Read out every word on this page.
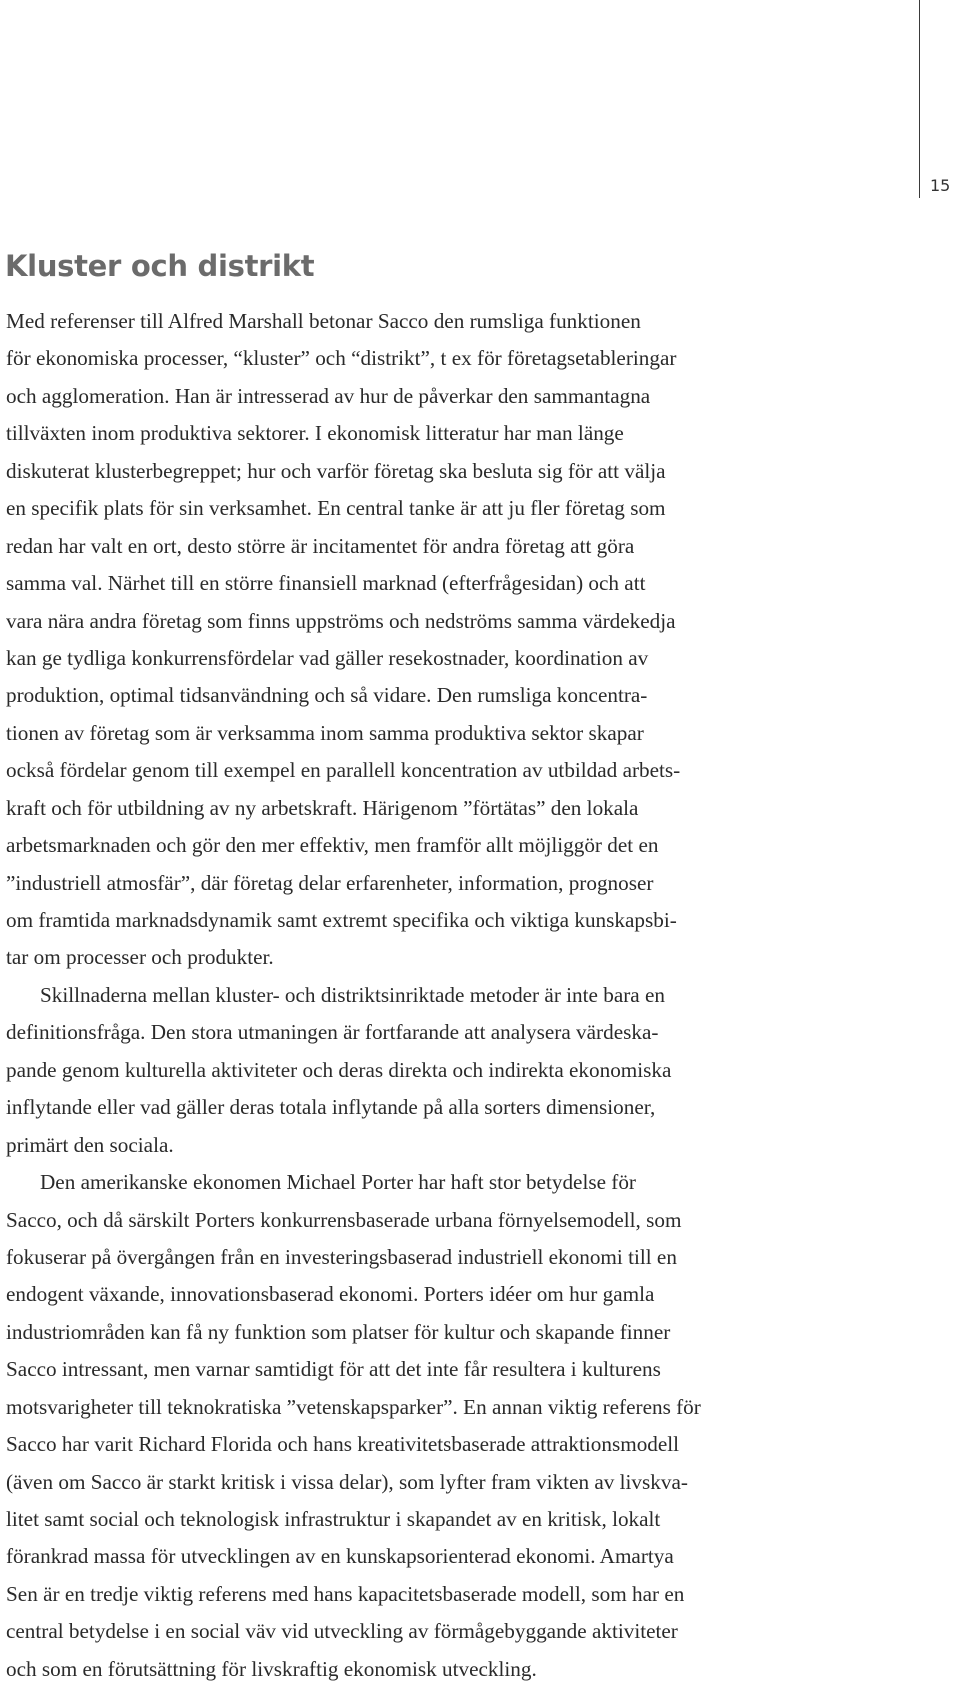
15
Kluster och distrikt
Med referenser till Alfred Marshall betonar Sacco den rumsliga funktionen
för ekonomiska processer, “kluster” och “distrikt”, t ex för företagsetableringar
och agglomeration. Han är intresserad av hur de påverkar den sammantagna
tillväxten inom produktiva sektorer. I ekonomisk litteratur har man länge
diskuterat klusterbegreppet; hur och varför företag ska besluta sig för att välja
en specifik plats för sin verksamhet. En central tanke är att ju fler företag som
redan har valt en ort, desto större är incitamentet för andra företag att göra
samma val. Närhet till en större finansiell marknad (efterfrågesidan) och att
vara nära andra företag som finns uppströms och nedströms samma värdekedja
kan ge tydliga konkurrensfördelar vad gäller resekostnader, koordination av
produktion, optimal tidsanvändning och så vidare. Den rumsliga koncentra-
tionen av företag som är verksamma inom samma produktiva sektor skapar
också fördelar genom till exempel en parallell koncentration av utbildad arbets-
kraft och för utbildning av ny arbetskraft. Härigenom ”förtätas” den lokala
arbetsmarknaden och gör den mer effektiv, men framför allt möjliggör det en
”industriell atmosfär”, där företag delar erfarenheter, information, prognoser
om framtida marknadsdynamik samt extremt specifika och viktiga kunskapsbi-
tar om processer och produkter.
Skillnaderna mellan kluster- och distriktsinriktade metoder är inte bara en
definitionsfråga. Den stora utmaningen är fortfarande att analysera värdeska-
pande genom kulturella aktiviteter och deras direkta och indirekta ekonomiska
inflytande eller vad gäller deras totala inflytande på alla sorters dimensioner,
primärt den sociala.
Den amerikanske ekonomen Michael Porter har haft stor betydelse för
Sacco, och då särskilt Porters konkurrensbaserade urbana förnyelsemodell, som
fokuserar på övergången från en investeringsbaserad industriell ekonomi till en
endogent växande, innovationsbaserad ekonomi. Porters idéer om hur gamla
industriområden kan få ny funktion som platser för kultur och skapande finner
Sacco intressant, men varnar samtidigt för att det inte får resultera i kulturens
motsvarigheter till teknokratiska ”vetenskapsparker”. En annan viktig referens för
Sacco har varit Richard Florida och hans kreativitetsbaserade attraktionsmodell
(även om Sacco är starkt kritisk i vissa delar), som lyfter fram vikten av livskva-
litet samt social och teknologisk infrastruktur i skapandet av en kritisk, lokalt
förankrad massa för utvecklingen av en kunskapsorienterad ekonomi. Amartya
Sen är en tredje viktig referens med hans kapacitetsbaserade modell, som har en
central betydelse i en social väv vid utveckling av förmågebyggande aktiviteter
och som en förutsättning för livskraftig ekonomisk utveckling.
